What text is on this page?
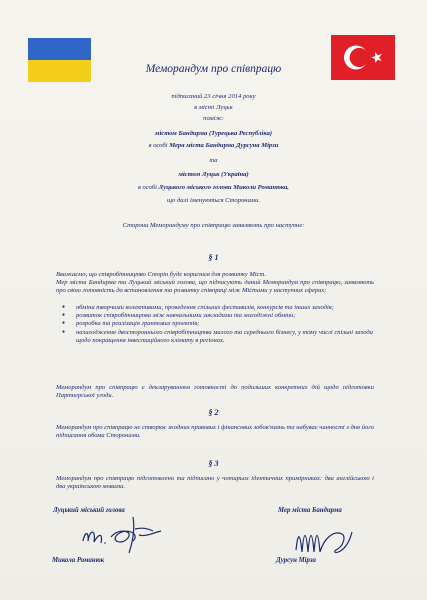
Меморандум про співпрацю
підписаний 23 січня 2014 року
в місті Луцьк
поміж:
містом Бандирма (Турецька Республіка)
в особі Мера міста Бандирма Дурсуна Мірзи
та
містом Луцьк (Україна)
в особі Луцького міського голови Миколи Романюка,
що далі іменуються Сторонами.
Сторони Меморандуму про співпрацю заявляють про наступне:
§ 1
Вважаємо, що співробітництво Сторін буде корисним для розвитку Міст.
Мер міста Бандирма та Луцький міський голова, що підписують даний Меморандум про співпрацю, заявляють про свою готовність до встановлення та розвитку співпраці між Містами у наступних сферах:
● обміни творчими колективами, проведення спільних фестивалів, конкурсів та інших заходів;
● розвиток співробітництва між навчальними закладами та молодіжні обміни;
● розробка та реалізація грантових проектів;
● налагодження двостороннього співробітництва малого та середнього бізнесу, у тому числі спільні заходи щодо покращення інвестиційного клімату в регіонах.
Меморандум про співпрацю є декларуванням готовності до подальших конкретних дій щодо підготовки Партнерської угоди.
§ 2
Меморандум про співпрацю не створює жодних правових і фінансових зобов'язань та набуває чинності з дня його підписання обома Сторонами.
§ 3
Меморандум про співпрацю підготовлено та підписано у чотирьох ідентичних примірниках: два англійською і два українською мовами.
Луцький міський голова	Мер міста Бандирма
Микола Романюк	Дурсун Мірза
